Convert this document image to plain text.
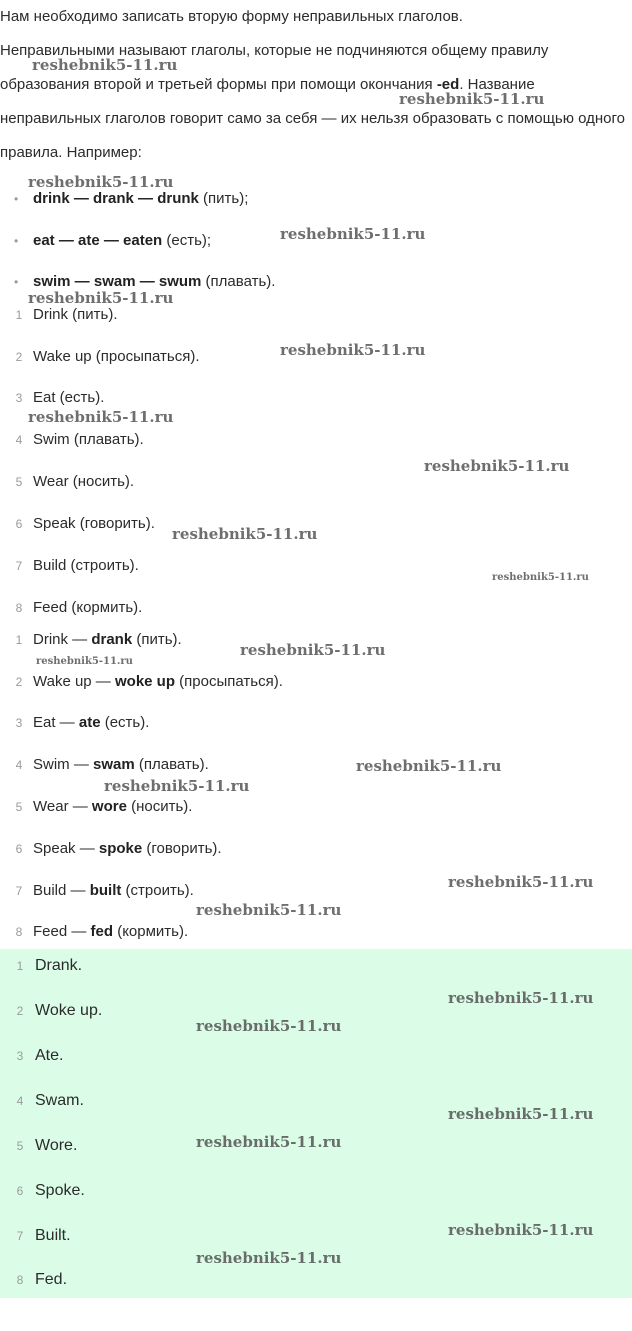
Нам необходимо записать вторую форму неправильных глаголов.

Неправильными называют глаголы, которые не подчиняются общему правилу образования второй и третьей формы при помощи окончания -ed. Название неправильных глаголов говорит само за себя — их нельзя образовать с помощью одного правила. Например:

• drink — drank — drunk (пить);
• eat — ate — eaten (есть);
• swim — swam — swum (плавать).
1 Drink (пить).
2 Wake up (просыпаться).
3 Eat (есть).
4 Swim (плавать).
5 Wear (носить).
6 Speak (говорить).
7 Build (строить).
8 Feed (кормить).
1 Drink — drank (пить).
2 Wake up — woke up (просыпаться).
3 Eat — ate (есть).
4 Swim — swam (плавать).
5 Wear — wore (носить).
6 Speak — spoke (говорить).
7 Build — built (строить).
8 Feed — fed (кормить).
1 Drank.
2 Woke up.
3 Ate.
4 Swam.
5 Wore.
6 Spoke.
7 Built.
8 Fed.
reshebnik5-11.ru
reshebnik5-11.ru
reshebnik5-11.ru
reshebnik5-11.ru
reshebnik5-11.ru
reshebnik5-11.ru
reshebnik5-11.ru
reshebnik5-11.ru
reshebnik5-11.ru
reshebnik5-11.ru
reshebnik5-11.ru
reshebnik5-11.ru
reshebnik5-11.ru
reshebnik5-11.ru
reshebnik5-11.ru
reshebnik5-11.ru
reshebnik5-11.ru
reshebnik5-11.ru
reshebnik5-11.ru
reshebnik5-11.ru
reshebnik5-11.ru
reshebnik5-11.ru
